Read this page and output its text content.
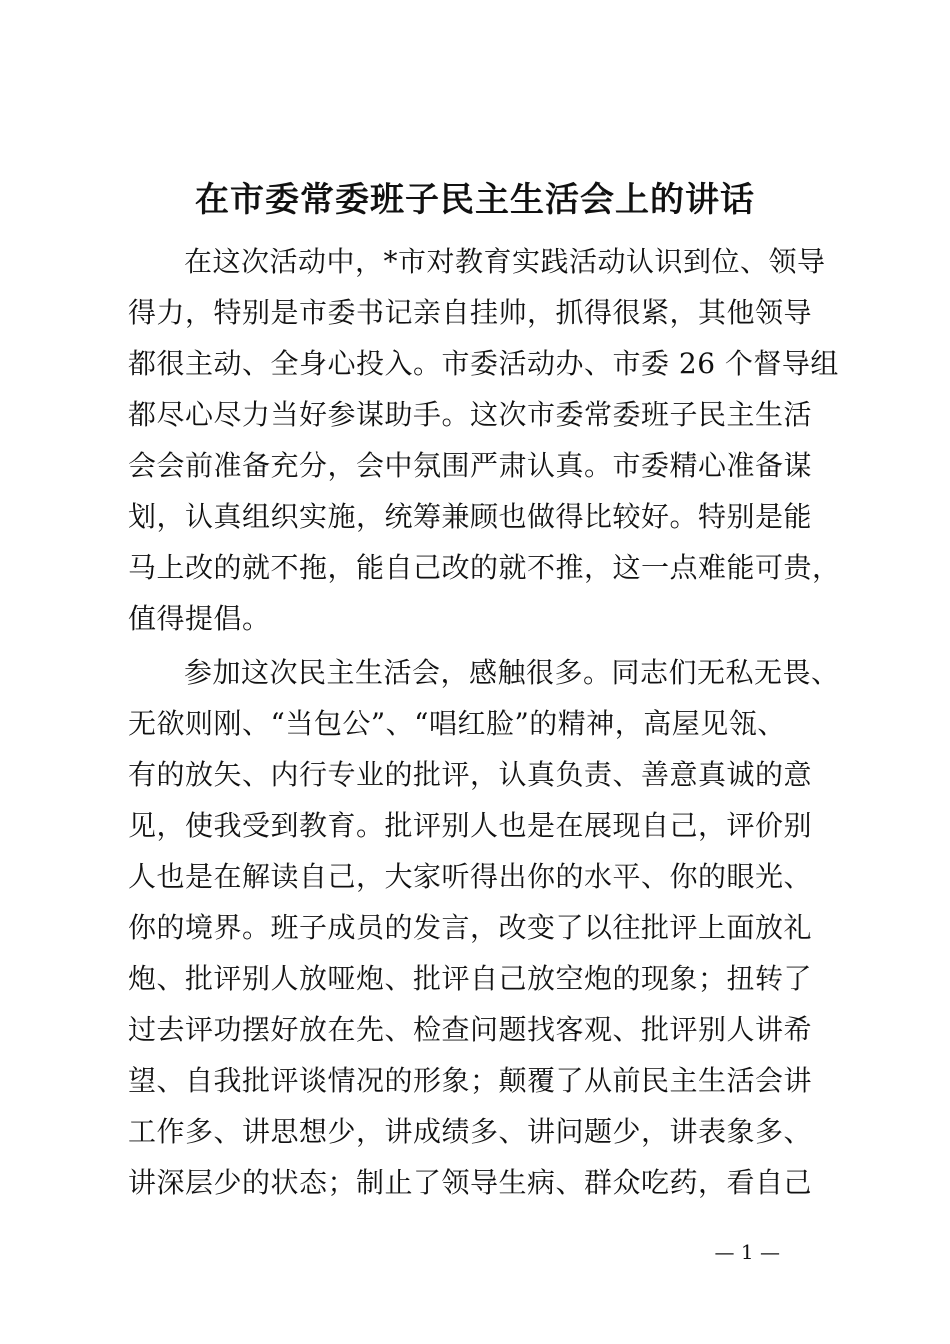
在市委常委班子民主生活会上的讲话
在这次活动中，*市对教育实践活动认识到位、领导
得力，特别是市委书记亲自挂帅，抓得很紧，其他领导
都很主动、全身心投入。市委活动办、市委 26 个督导组
都尽心尽力当好参谋助手。这次市委常委班子民主生活
会会前准备充分，会中氛围严肃认真。市委精心准备谋
划，认真组织实施，统筹兼顾也做得比较好。特别是能
马上改的就不拖，能自己改的就不推，这一点难能可贵，
值得提倡。
参加这次民主生活会，感触很多。同志们无私无畏、
无欲则刚、“当包公”、“唱红脸”的精神，高屋见瓴、
有的放矢、内行专业的批评，认真负责、善意真诚的意
见，使我受到教育。批评别人也是在展现自己，评价别
人也是在解读自己，大家听得出你的水平、你的眼光、
你的境界。班子成员的发言，改变了以往批评上面放礼
炮、批评别人放哑炮、批评自己放空炮的现象；扭转了
过去评功摆好放在先、检查问题找客观、批评别人讲希
望、自我批评谈情况的形象；颠覆了从前民主生活会讲
工作多、讲思想少，讲成绩多、讲问题少，讲表象多、
讲深层少的状态；制止了领导生病、群众吃药，看自己
— 1 —
